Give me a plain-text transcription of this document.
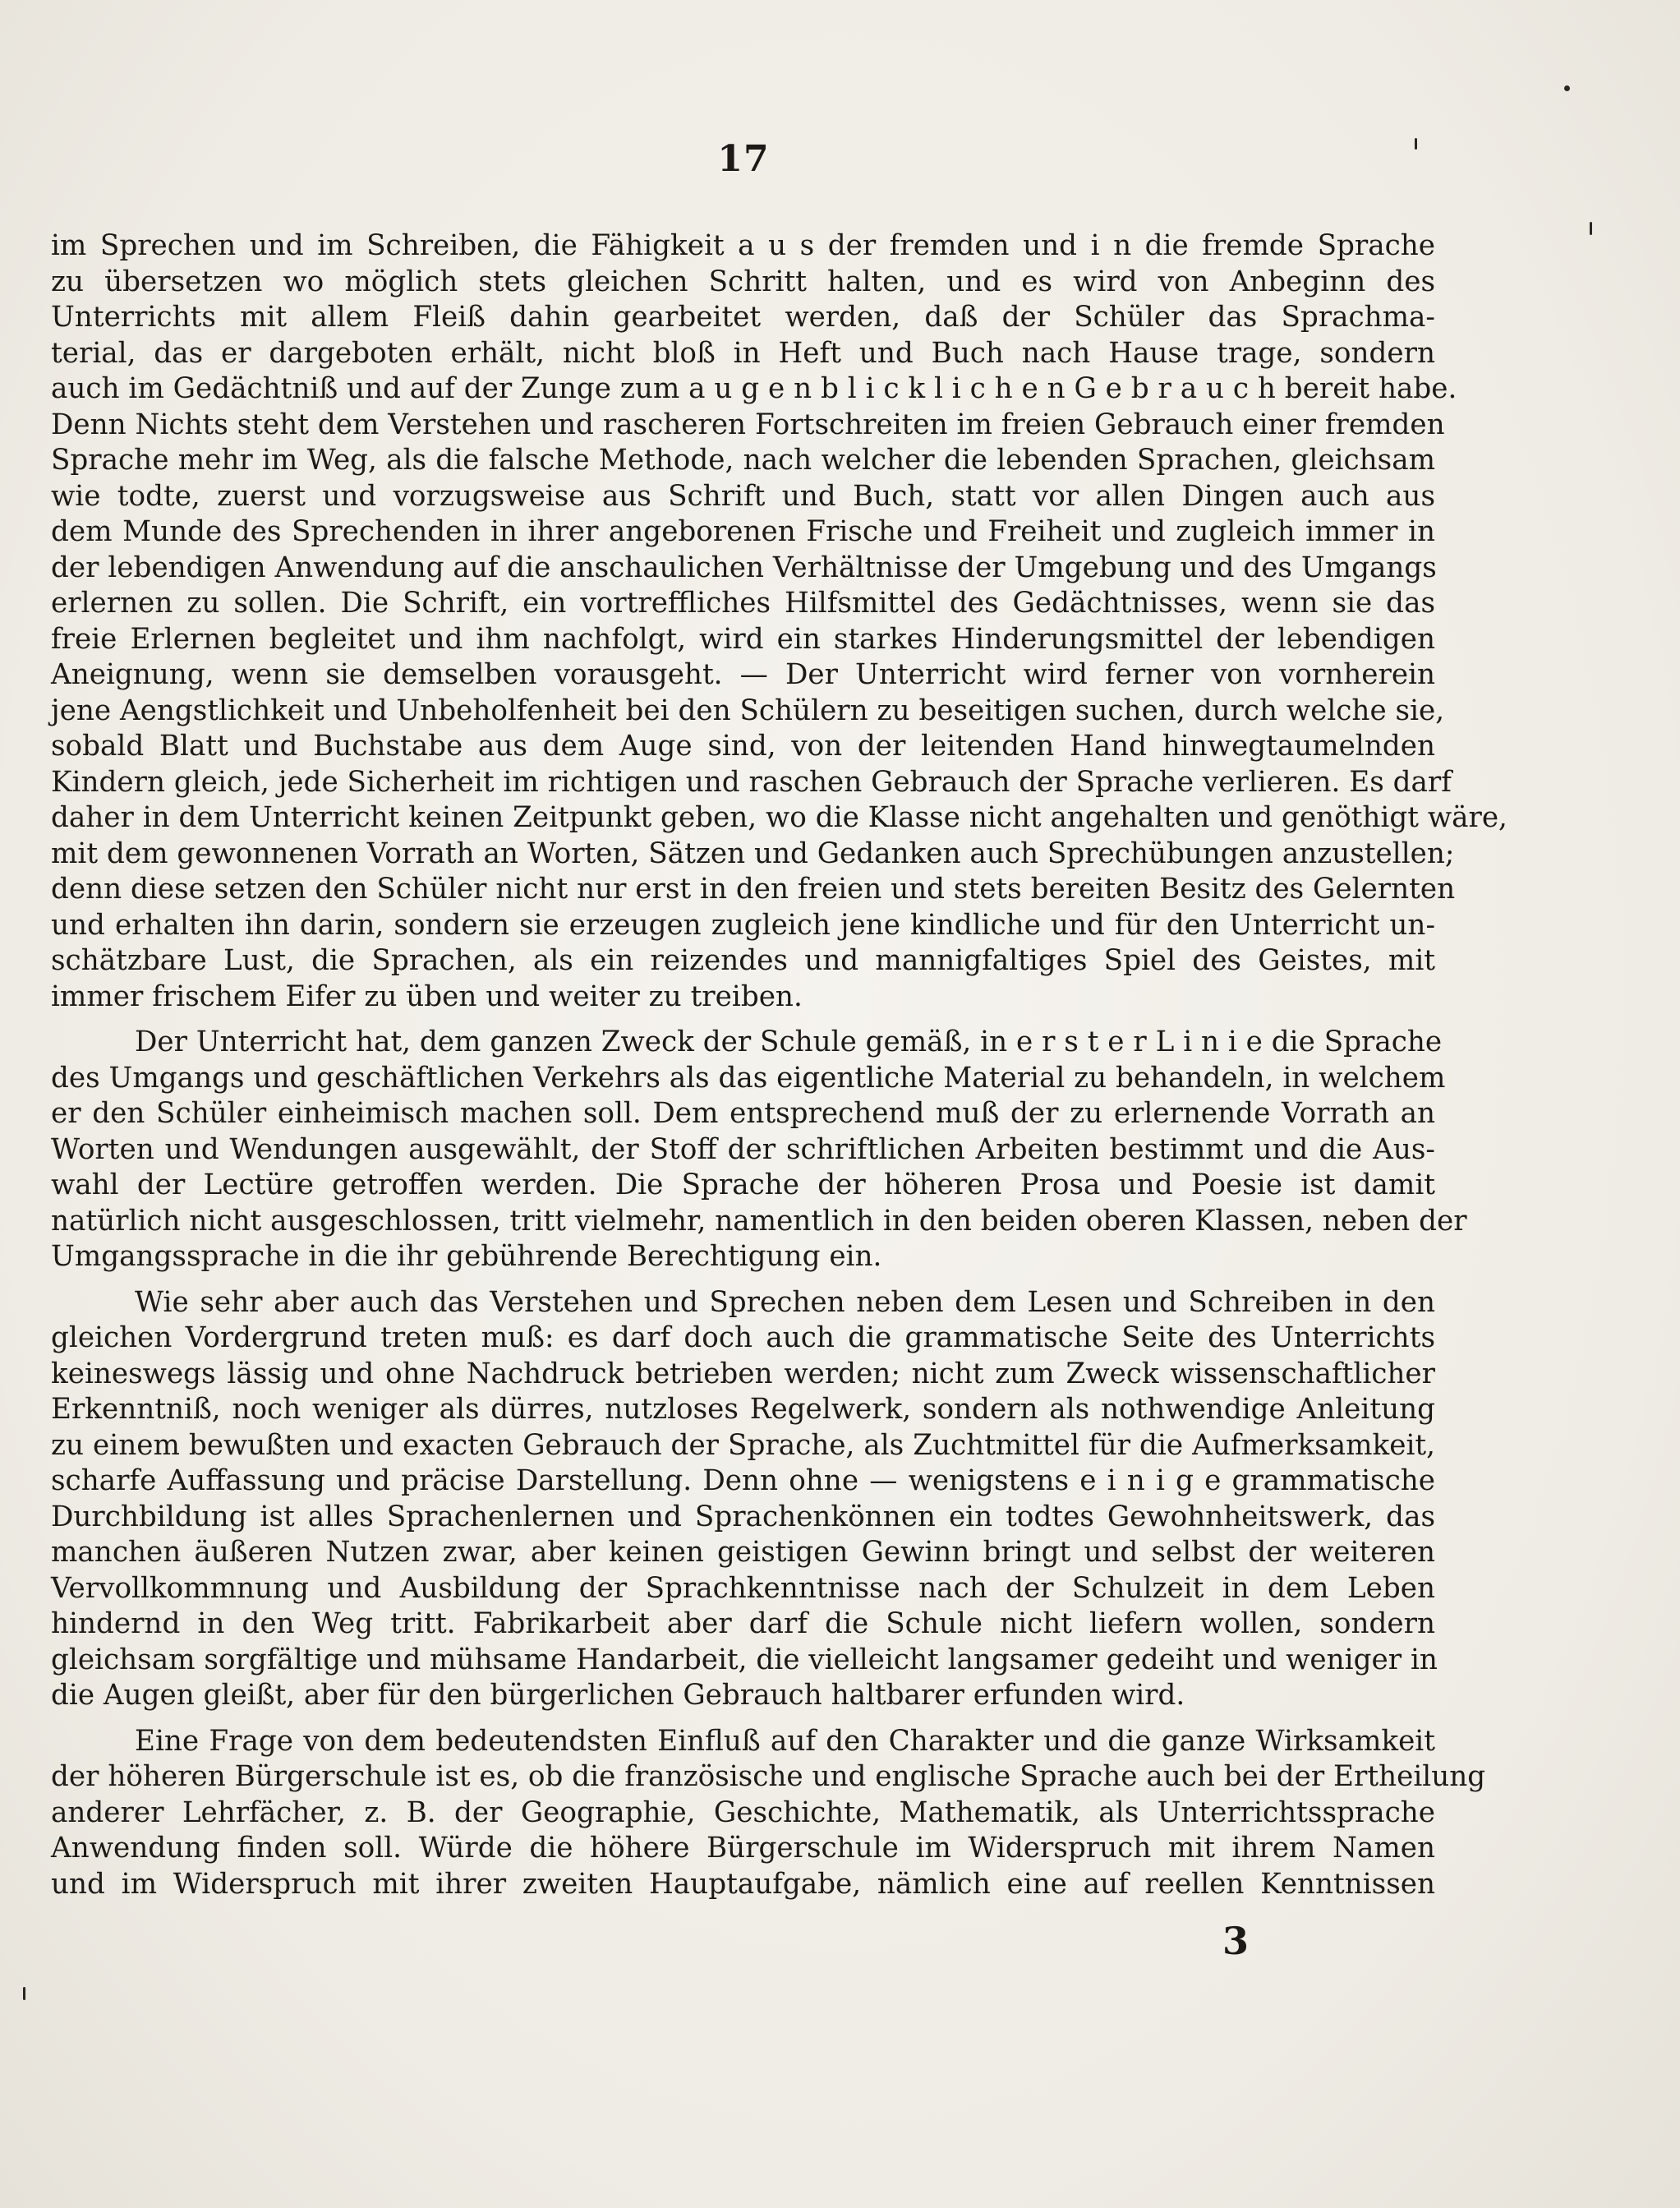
17

im Sprechen und im Schreiben, die Fähigkeit a u s der fremden und i n die fremde Sprache
zu übersetzen wo möglich stets gleichen Schritt halten, und es wird von Anbeginn des
Unterrichts mit allem Fleiß dahin gearbeitet werden, daß der Schüler das Sprachma-
terial, das er dargeboten erhält, nicht bloß in Heft und Buch nach Hause trage, sondern
auch im Gedächtniß und auf der Zunge zum a u g e n b l i c k l i c h e n G e b r a u c h bereit habe.
Denn Nichts steht dem Verstehen und rascheren Fortschreiten im freien Gebrauch einer fremden
Sprache mehr im Weg, als die falsche Methode, nach welcher die lebenden Sprachen, gleichsam
wie todte, zuerst und vorzugsweise aus Schrift und Buch, statt vor allen Dingen auch aus
dem Munde des Sprechenden in ihrer angeborenen Frische und Freiheit und zugleich immer in
der lebendigen Anwendung auf die anschaulichen Verhältnisse der Umgebung und des Umgangs
erlernen zu sollen. Die Schrift, ein vortreffliches Hilfsmittel des Gedächtnisses, wenn sie das
freie Erlernen begleitet und ihm nachfolgt, wird ein starkes Hinderungsmittel der lebendigen
Aneignung, wenn sie demselben vorausgeht. — Der Unterricht wird ferner von vornherein
jene Aengstlichkeit und Unbeholfenheit bei den Schülern zu beseitigen suchen, durch welche sie,
sobald Blatt und Buchstabe aus dem Auge sind, von der leitenden Hand hinwegtaumelnden
Kindern gleich, jede Sicherheit im richtigen und raschen Gebrauch der Sprache verlieren. Es darf
daher in dem Unterricht keinen Zeitpunkt geben, wo die Klasse nicht angehalten und genöthigt wäre,
mit dem gewonnenen Vorrath an Worten, Sätzen und Gedanken auch Sprechübungen anzustellen;
denn diese setzen den Schüler nicht nur erst in den freien und stets bereiten Besitz des Gelernten
und erhalten ihn darin, sondern sie erzeugen zugleich jene kindliche und für den Unterricht un-
schätzbare Lust, die Sprachen, als ein reizendes und mannigfaltiges Spiel des Geistes, mit
immer frischem Eifer zu üben und weiter zu treiben.

Der Unterricht hat, dem ganzen Zweck der Schule gemäß, in e r s t e r L i n i e die Sprache
des Umgangs und geschäftlichen Verkehrs als das eigentliche Material zu behandeln, in welchem
er den Schüler einheimisch machen soll. Dem entsprechend muß der zu erlernende Vorrath an
Worten und Wendungen ausgewählt, der Stoff der schriftlichen Arbeiten bestimmt und die Aus-
wahl der Lectüre getroffen werden. Die Sprache der höheren Prosa und Poesie ist damit
natürlich nicht ausgeschlossen, tritt vielmehr, namentlich in den beiden oberen Klassen, neben der
Umgangssprache in die ihr gebührende Berechtigung ein.

Wie sehr aber auch das Verstehen und Sprechen neben dem Lesen und Schreiben in den
gleichen Vordergrund treten muß: es darf doch auch die grammatische Seite des Unterrichts
keineswegs lässig und ohne Nachdruck betrieben werden; nicht zum Zweck wissenschaftlicher
Erkenntniß, noch weniger als dürres, nutzloses Regelwerk, sondern als nothwendige Anleitung
zu einem bewußten und exacten Gebrauch der Sprache, als Zuchtmittel für die Aufmerksamkeit,
scharfe Auffassung und präcise Darstellung. Denn ohne — wenigstens e i n i g e grammatische
Durchbildung ist alles Sprachenlernen und Sprachenkönnen ein todtes Gewohnheitswerk, das
manchen äußeren Nutzen zwar, aber keinen geistigen Gewinn bringt und selbst der weiteren
Vervollkommnung und Ausbildung der Sprachkenntnisse nach der Schulzeit in dem Leben
hindernd in den Weg tritt. Fabrikarbeit aber darf die Schule nicht liefern wollen, sondern
gleichsam sorgfältige und mühsame Handarbeit, die vielleicht langsamer gedeiht und weniger in
die Augen gleißt, aber für den bürgerlichen Gebrauch haltbarer erfunden wird.

Eine Frage von dem bedeutendsten Einfluß auf den Charakter und die ganze Wirksamkeit
der höheren Bürgerschule ist es, ob die französische und englische Sprache auch bei der Ertheilung
anderer Lehrfächer, z. B. der Geographie, Geschichte, Mathematik, als Unterrichtssprache
Anwendung finden soll. Würde die höhere Bürgerschule im Widerspruch mit ihrem Namen
und im Widerspruch mit ihrer zweiten Hauptaufgabe, nämlich eine auf reellen Kenntnissen

3
